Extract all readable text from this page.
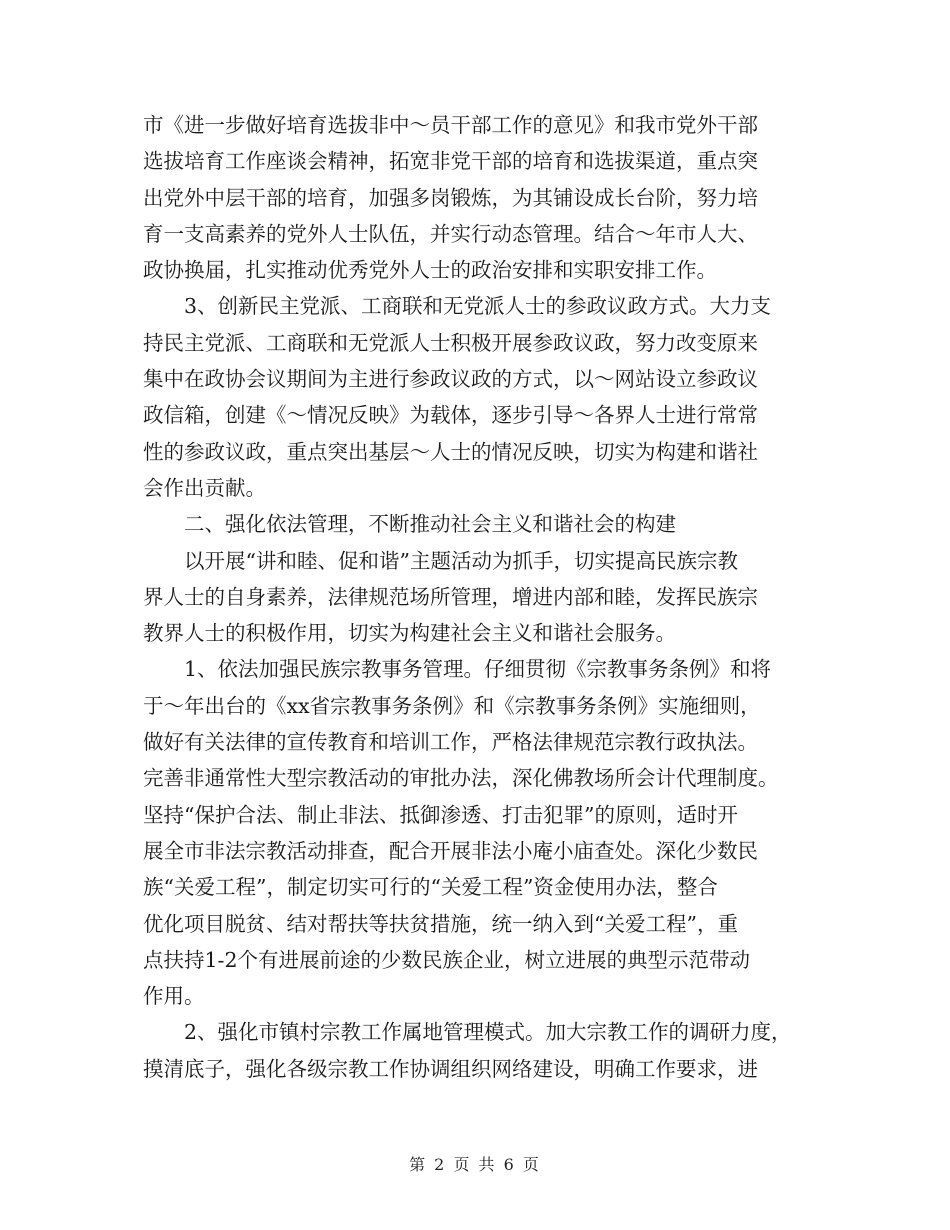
市《进一步做好培育选拔非中～员干部工作的意见》和我市党外干部
选拔培育工作座谈会精神，拓宽非党干部的培育和选拔渠道，重点突
出党外中层干部的培育，加强多岗锻炼，为其铺设成长台阶，努力培
育一支高素养的党外人士队伍，并实行动态管理。结合～年市人大、
政协换届，扎实推动优秀党外人士的政治安排和实职安排工作。
3、创新民主党派、工商联和无党派人士的参政议政方式。大力支
持民主党派、工商联和无党派人士积极开展参政议政，努力改变原来
集中在政协会议期间为主进行参政议政的方式，以～网站设立参政议
政信箱，创建《～情况反映》为载体，逐步引导～各界人士进行常常
性的参政议政，重点突出基层～人士的情况反映，切实为构建和谐社
会作出贡献。
二、强化依法管理，不断推动社会主义和谐社会的构建
以开展“讲和睦、促和谐”主题活动为抓手，切实提高民族宗教
界人士的自身素养，法律规范场所管理，增进内部和睦，发挥民族宗
教界人士的积极作用，切实为构建社会主义和谐社会服务。
1、依法加强民族宗教事务管理。仔细贯彻《宗教事务条例》和将
于～年出台的《xx省宗教事务条例》和《宗教事务条例》实施细则，
做好有关法律的宣传教育和培训工作，严格法律规范宗教行政执法。
完善非通常性大型宗教活动的审批办法，深化佛教场所会计代理制度。
坚持“保护合法、制止非法、抵御渗透、打击犯罪”的原则，适时开
展全市非法宗教活动排查，配合开展非法小庵小庙查处。深化少数民
族“关爱工程”，制定切实可行的“关爱工程”资金使用办法，整合
优化项目脱贫、结对帮扶等扶贫措施，统一纳入到“关爱工程”，重
点扶持1-2个有进展前途的少数民族企业，树立进展的典型示范带动
作用。
2、强化市镇村宗教工作属地管理模式。加大宗教工作的调研力度，
摸清底子，强化各级宗教工作协调组织网络建设，明确工作要求，进
第 2 页 共 6 页
